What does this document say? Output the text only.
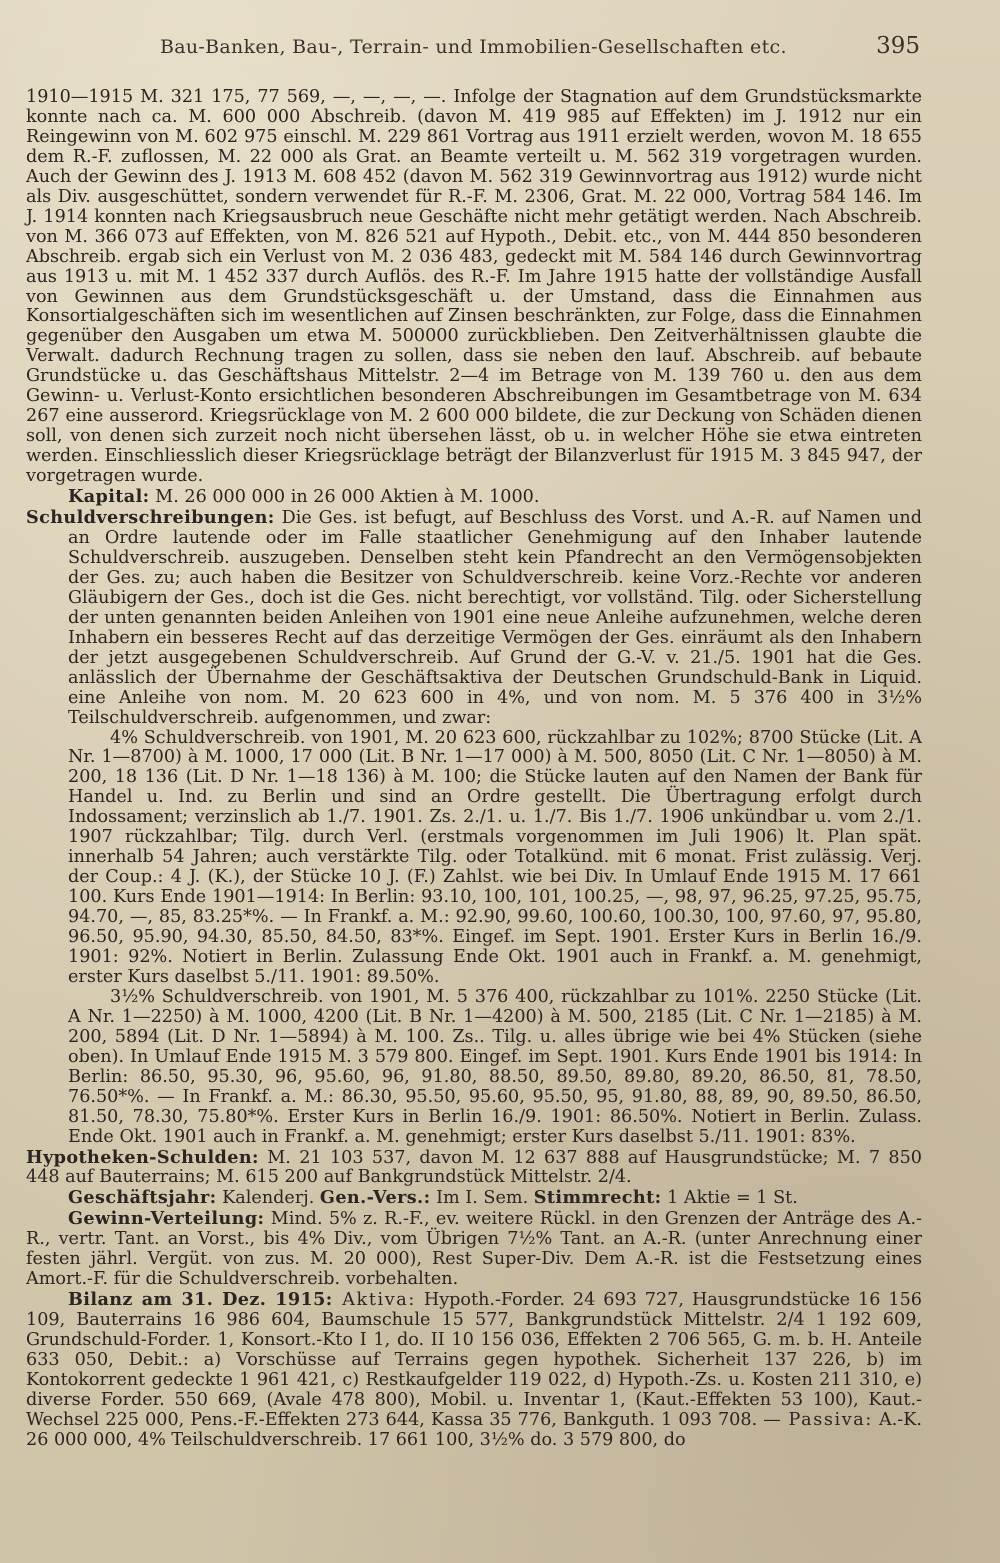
Bau-Banken, Bau-, Terrain- und Immobilien-Gesellschaften etc.	395

1910—1915 M. 321 175, 77 569, —, —, —, —. Infolge der Stagnation auf dem Grundstücksmarkte konnte nach ca. M. 600 000 Abschreib. (davon M. 419 985 auf Effekten) im J. 1912 nur ein Reingewinn von M. 602 975 einschl. M. 229 861 Vortrag aus 1911 erzielt werden, wovon M. 18 655 dem R.-F. zuflossen, M. 22 000 als Grat. an Beamte verteilt u. M. 562 319 vorgetragen wurden. Auch der Gewinn des J. 1913 M. 608 452 (davon M. 562 319 Gewinnvortrag aus 1912) wurde nicht als Div. ausgeschüttet, sondern verwendet für R.-F. M. 2306, Grat. M. 22 000, Vortrag 584 146. Im J. 1914 konnten nach Kriegsausbruch neue Geschäfte nicht mehr getätigt werden. Nach Abschreib. von M. 366 073 auf Effekten, von M. 826 521 auf Hypoth., Debit. etc., von M. 444 850 besonderen Abschreib. ergab sich ein Verlust von M. 2 036 483, gedeckt mit M. 584 146 durch Gewinnvortrag aus 1913 u. mit M. 1 452 337 durch Auflös. des R.-F. Im Jahre 1915 hatte der vollständige Ausfall von Gewinnen aus dem Grundstücksgeschäft u. der Umstand, dass die Einnahmen aus Konsortialgeschäften sich im wesentlichen auf Zinsen beschränkten, zur Folge, dass die Einnahmen gegenüber den Ausgaben um etwa M. 500000 zurückblieben. Den Zeitverhältnissen glaubte die Verwalt. dadurch Rechnung tragen zu sollen, dass sie neben den lauf. Abschreib. auf bebaute Grundstücke u. das Geschäftshaus Mittelstr. 2—4 im Betrage von M. 139 760 u. den aus dem Gewinn- u. Verlust-Konto ersichtlichen besonderen Abschreibungen im Gesamtbetrage von M. 634 267 eine ausserord. Kriegsrücklage von M. 2 600 000 bildete, die zur Deckung von Schäden dienen soll, von denen sich zurzeit noch nicht übersehen lässt, ob u. in welcher Höhe sie etwa eintreten werden. Einschliesslich dieser Kriegsrücklage beträgt der Bilanzverlust für 1915 M. 3 845 947, der vorgetragen wurde.

Kapital: M. 26 000 000 in 26 000 Aktien à M. 1000.

Schuldverschreibungen: Die Ges. ist befugt, auf Beschluss des Vorst. und A.-R. auf Namen und an Ordre lautende oder im Falle staatlicher Genehmigung auf den Inhaber lautende Schuldverschreib. auszugeben. Denselben steht kein Pfandrecht an den Vermögensobjekten der Ges. zu; auch haben die Besitzer von Schuldverschreib. keine Vorz.-Rechte vor anderen Gläubigern der Ges., doch ist die Ges. nicht berechtigt, vor vollständ. Tilg. oder Sicherstellung der unten genannten beiden Anleihen von 1901 eine neue Anleihe aufzunehmen, welche deren Inhabern ein besseres Recht auf das derzeitige Vermögen der Ges. einräumt als den Inhabern der jetzt ausgegebenen Schuldverschreib. Auf Grund der G.-V. v. 21./5. 1901 hat die Ges. anlässlich der Übernahme der Geschäftsaktiva der Deutschen Grundschuld-Bank in Liquid. eine Anleihe von nom. M. 20 623 600 in 4%, und von nom. M. 5 376 400 in 3½% Teilschuldverschreib. aufgenommen, und zwar:

4% Schuldverschreib. von 1901, M. 20 623 600, rückzahlbar zu 102%; 8700 Stücke (Lit. A Nr. 1—8700) à M. 1000, 17 000 (Lit. B Nr. 1—17 000) à M. 500, 8050 (Lit. C Nr. 1—8050) à M. 200, 18 136 (Lit. D Nr. 1—18 136) à M. 100; die Stücke lauten auf den Namen der Bank für Handel u. Ind. zu Berlin und sind an Ordre gestellt. Die Übertragung erfolgt durch Indossament; verzinslich ab 1./7. 1901. Zs. 2./1. u. 1./7. Bis 1./7. 1906 unkündbar u. vom 2./1. 1907 rückzahlbar; Tilg. durch Verl. (erstmals vorgenommen im Juli 1906) lt. Plan spät. innerhalb 54 Jahren; auch verstärkte Tilg. oder Totalkünd. mit 6 monat. Frist zulässig. Verj. der Coup.: 4 J. (K.), der Stücke 10 J. (F.) Zahlst. wie bei Div. In Umlauf Ende 1915 M. 17 661 100. Kurs Ende 1901—1914: In Berlin: 93.10, 100, 101, 100.25, —, 98, 97, 96.25, 97.25, 95.75, 94.70, —, 85, 83.25*%. — In Frankf. a. M.: 92.90, 99.60, 100.60, 100.30, 100, 97.60, 97, 95.80, 96.50, 95.90, 94.30, 85.50, 84.50, 83*%. Eingef. im Sept. 1901. Erster Kurs in Berlin 16./9. 1901: 92%. Notiert in Berlin. Zulassung Ende Okt. 1901 auch in Frankf. a. M. genehmigt, erster Kurs daselbst 5./11. 1901: 89.50%.

3½% Schuldverschreib. von 1901, M. 5 376 400, rückzahlbar zu 101%. 2250 Stücke (Lit. A Nr. 1—2250) à M. 1000, 4200 (Lit. B Nr. 1—4200) à M. 500, 2185 (Lit. C Nr. 1—2185) à M. 200, 5894 (Lit. D Nr. 1—5894) à M. 100. Zs.. Tilg. u. alles übrige wie bei 4% Stücken (siehe oben). In Umlauf Ende 1915 M. 3 579 800. Eingef. im Sept. 1901. Kurs Ende 1901 bis 1914: In Berlin: 86.50, 95.30, 96, 95.60, 96, 91.80, 88.50, 89.50, 89.80, 89.20, 86.50, 81, 78.50, 76.50*%. — In Frankf. a. M.: 86.30, 95.50, 95.60, 95.50, 95, 91.80, 88, 89, 90, 89.50, 86.50, 81.50, 78.30, 75.80*%. Erster Kurs in Berlin 16./9. 1901: 86.50%. Notiert in Berlin. Zulass. Ende Okt. 1901 auch in Frankf. a. M. genehmigt; erster Kurs daselbst 5./11. 1901: 83%.

Hypotheken-Schulden: M. 21 103 537, davon M. 12 637 888 auf Hausgrundstücke; M. 7 850 448 auf Bauterrains; M. 615 200 auf Bankgrundstück Mittelstr. 2/4.

Geschäftsjahr: Kalenderj. Gen.-Vers.: Im I. Sem. Stimmrecht: 1 Aktie = 1 St.

Gewinn-Verteilung: Mind. 5% z. R.-F., ev. weitere Rückl. in den Grenzen der Anträge des A.-R., vertr. Tant. an Vorst., bis 4% Div., vom Übrigen 7½% Tant. an A.-R. (unter Anrechnung einer festen jährl. Vergüt. von zus. M. 20 000), Rest Super-Div. Dem A.-R. ist die Festsetzung eines Amort.-F. für die Schuldverschreib. vorbehalten.

Bilanz am 31. Dez. 1915: Aktiva: Hypoth.-Forder. 24 693 727, Hausgrundstücke 16 156 109, Bauterrains 16 986 604, Baumschule 15 577, Bankgrundstück Mittelstr. 2/4 1 192 609, Grundschuld-Forder. 1, Konsort.-Kto I 1, do. II 10 156 036, Effekten 2 706 565, G. m. b. H. Anteile 633 050, Debit.: a) Vorschüsse auf Terrains gegen hypothek. Sicherheit 137 226, b) im Kontokorrent gedeckte 1 961 421, c) Restkaufgelder 119 022, d) Hypoth.-Zs. u. Kosten 211 310, e) diverse Forder. 550 669, (Avale 478 800), Mobil. u. Inventar 1, (Kaut.-Effekten 53 100), Kaut.-Wechsel 225 000, Pens.-F.-Effekten 273 644, Kassa 35 776, Bankguth. 1 093 708. — Passiva: A.-K. 26 000 000, 4% Teilschuldverschreib. 17 661 100, 3½% do. 3 579 800, do
